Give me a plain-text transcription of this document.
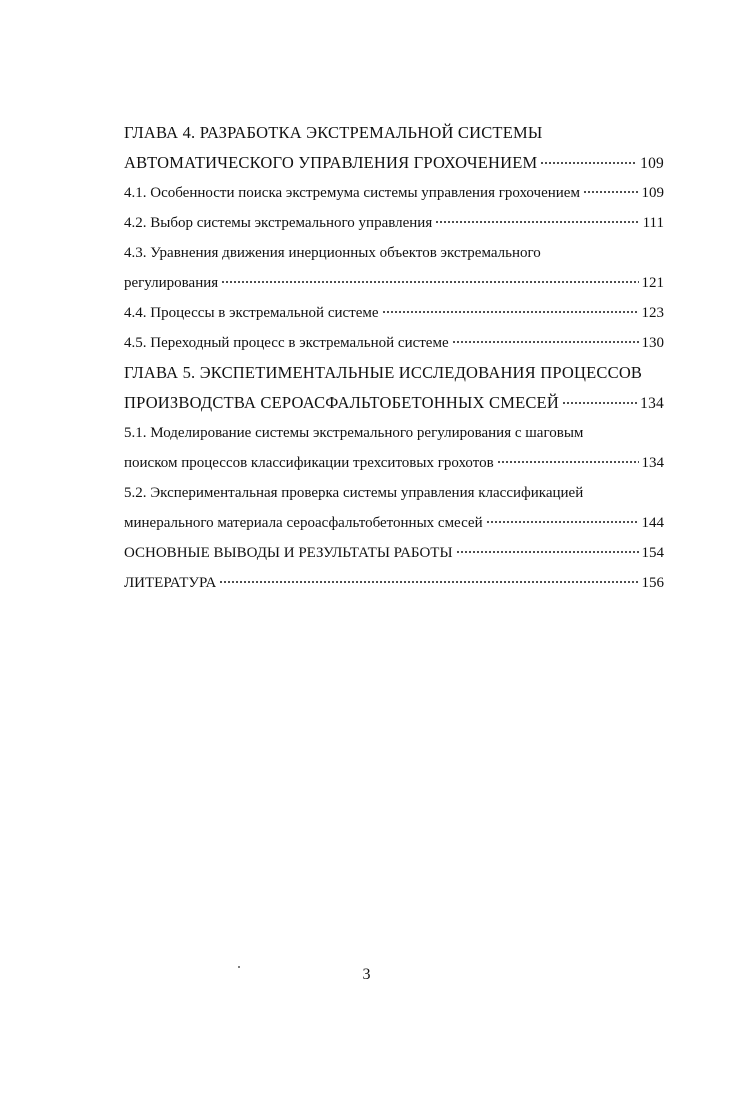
ГЛАВА 4. РАЗРАБОТКА ЭКСТРЕМАЛЬНОЙ СИСТЕМЫ
АВТОМАТИЧЕСКОГО УПРАВЛЕНИЯ ГРОХОЧЕНИЕМ	109
4.1. Особенности поиска экстремума системы управления грохочением	109
4.2. Выбор системы экстремального управления	111
4.3. Уравнения движения инерционных объектов экстремального
регулирования	121
4.4. Процессы в экстремальной системе	123
4.5. Переходный процесс в экстремальной системе	130
ГЛАВА 5. ЭКСПЕТИМЕНТАЛЬНЫЕ ИССЛЕДОВАНИЯ ПРОЦЕССОВ
ПРОИЗВОДСТВА СЕРОАСФАЛЬТОБЕТОННЫХ СМЕСЕЙ	134
5.1. Моделирование системы экстремального регулирования с шаговым
поиском процессов классификации трехситовых грохотов	134
5.2. Экспериментальная проверка системы управления классификацией
минерального материала сероасфальтобетонных смесей	144
ОСНОВНЫЕ ВЫВОДЫ И РЕЗУЛЬТАТЫ РАБОТЫ	154
ЛИТЕРАТУРА	156
3
